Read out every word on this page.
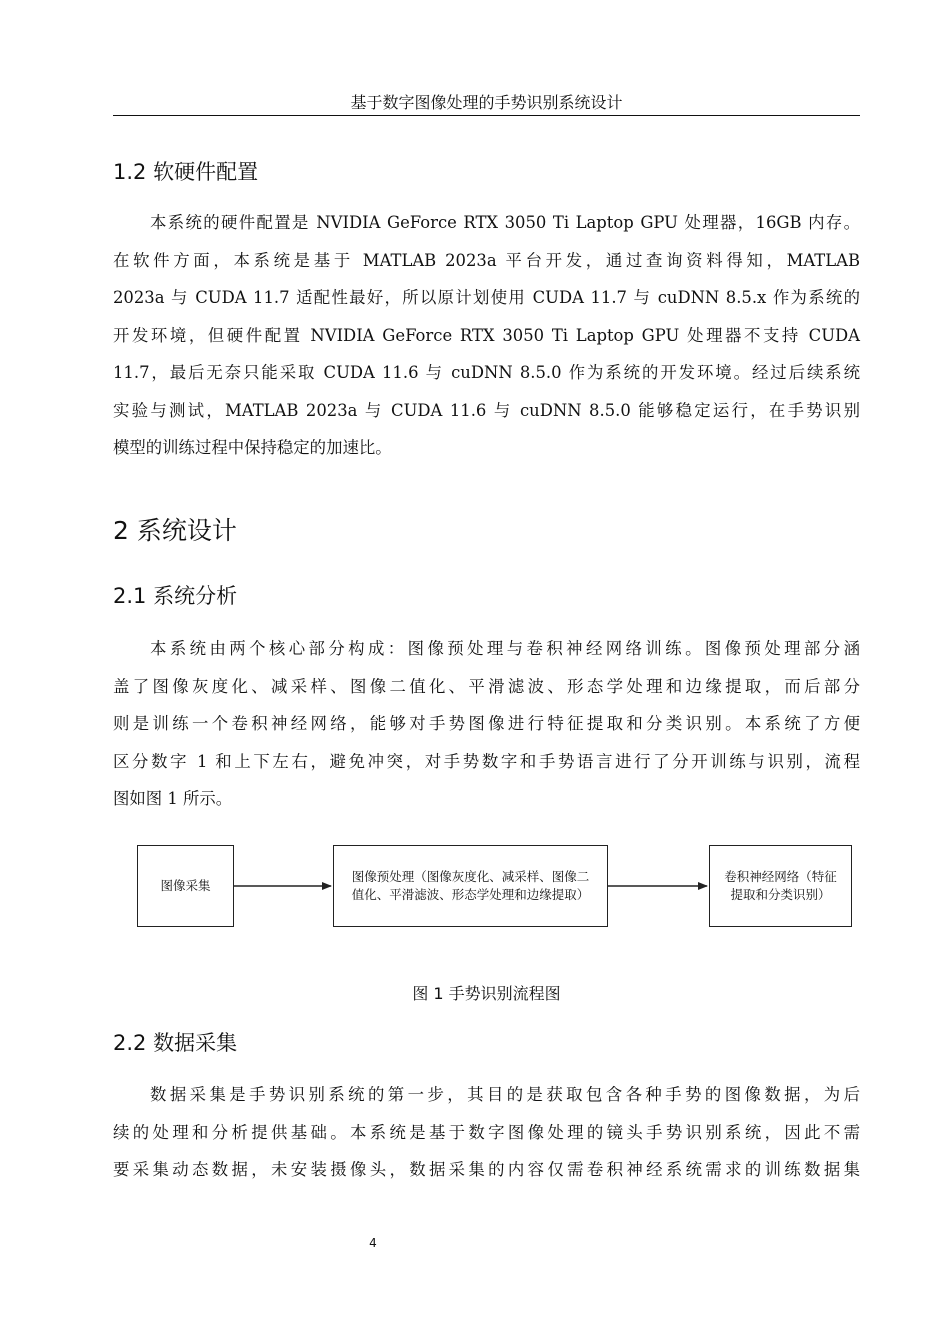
基于数字图像处理的手势识别系统设计
1.2 软硬件配置
本系统的硬件配置是 NVIDIA GeForce RTX 3050 Ti Laptop GPU 处理器，16GB 内存。
在软件方面，本系统是基于 MATLAB 2023a 平台开发，通过查询资料得知，MATLAB
2023a 与 CUDA 11.7 适配性最好，所以原计划使用 CUDA 11.7 与 cuDNN 8.5.x 作为系统的
开发环境，但硬件配置 NVIDIA GeForce RTX 3050 Ti Laptop GPU 处理器不支持 CUDA
11.7，最后无奈只能采取 CUDA 11.6 与 cuDNN 8.5.0 作为系统的开发环境。经过后续系统
实验与测试，MATLAB 2023a 与 CUDA 11.6 与 cuDNN 8.5.0 能够稳定运行，在手势识别
模型的训练过程中保持稳定的加速比。
2 系统设计
2.1 系统分析
本系统由两个核心部分构成：图像预处理与卷积神经网络训练。图像预处理部分涵
盖了图像灰度化、减采样、图像二值化、平滑滤波、形态学处理和边缘提取，而后部分
则是训练一个卷积神经网络，能够对手势图像进行特征提取和分类识别。本系统了方便
区分数字 1 和上下左右，避免冲突，对手势数字和手势语言进行了分开训练与识别，流程
图如图 1 所示。
图像采集
图像预处理（图像灰度化、减采样、图像二
值化、平滑滤波、形态学处理和边缘提取）
卷积神经网络（特征
提取和分类识别）
图 1 手势识别流程图
2.2 数据采集
数据采集是手势识别系统的第一步，其目的是获取包含各种手势的图像数据，为后
续的处理和分析提供基础。本系统是基于数字图像处理的镜头手势识别系统，因此不需
要采集动态数据，未安装摄像头，数据采集的内容仅需卷积神经系统需求的训练数据集
4
